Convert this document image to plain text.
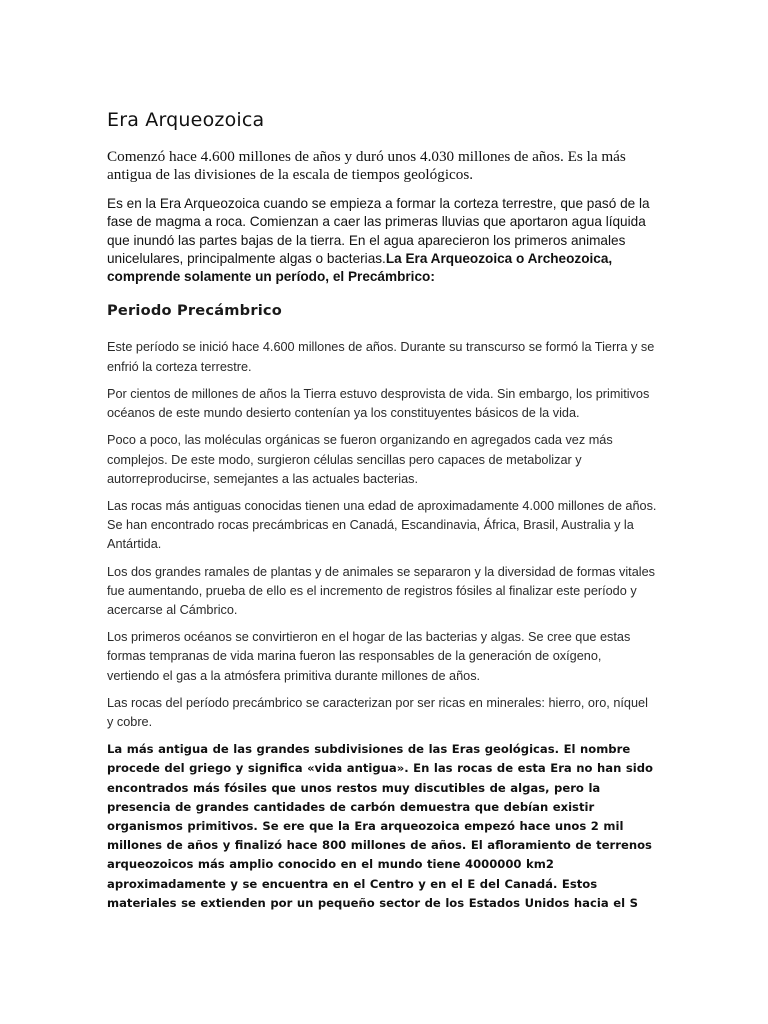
Era Arqueozoica

Comenzó hace 4.600 millones de años y duró unos 4.030 millones de años. Es la más antigua de las divisiones de la escala de tiempos geológicos.

Es en la Era Arqueozoica cuando se empieza a formar la corteza terrestre, que pasó de la fase de magma a roca. Comienzan a caer las primeras lluvias que aportaron agua líquida que inundó las partes bajas de la tierra. En el agua aparecieron los primeros animales unicelulares, principalmente algas o bacterias.La Era Arqueozoica o Archeozoica, comprende solamente un período, el Precámbrico:

Periodo Precámbrico

Este período se inició hace 4.600 millones de años. Durante su transcurso se formó la Tierra y se enfrió la corteza terrestre.

Por cientos de millones de años la Tierra estuvo desprovista de vida. Sin embargo, los primitivos océanos de este mundo desierto contenían ya los constituyentes básicos de la vida.

Poco a poco, las moléculas orgánicas se fueron organizando en agregados cada vez más complejos. De este modo, surgieron células sencillas pero capaces de metabolizar y autorreproducirse, semejantes a las actuales bacterias.

Las rocas más antiguas conocidas tienen una edad de aproximadamente 4.000 millones de años. Se han encontrado rocas precámbricas en Canadá, Escandinavia, África, Brasil, Australia y la Antártida.

Los dos grandes ramales de plantas y de animales se separaron y la diversidad de formas vitales fue aumentando, prueba de ello es el incremento de registros fósiles al finalizar este período y acercarse al Cámbrico.

Los primeros océanos se convirtieron en el hogar de las bacterias y algas. Se cree que estas formas tempranas de vida marina fueron las responsables de la generación de oxígeno, vertiendo el gas a la atmósfera primitiva durante millones de años.

Las rocas del período precámbrico se caracterizan por ser ricas en minerales: hierro, oro, níquel y cobre.

La más antigua de las grandes subdivisiones de las Eras geológicas. El nombre procede del griego y significa «vida antigua». En las rocas de esta Era no han sido encontrados más fósiles que unos restos muy discutibles de algas, pero la presencia de grandes cantidades de carbón demuestra que debían existir organismos primitivos. Se ere que la Era arqueozoica empezó hace unos 2 mil millones de años y finalizó hace 800 millones de años. El afloramiento de terrenos arqueozoicos más amplio conocido en el mundo tiene 4000000 km2 aproximadamente y se encuentra en el Centro y en el E del Canadá. Estos materiales se extienden por un pequeño sector de los Estados Unidos hacia el S
